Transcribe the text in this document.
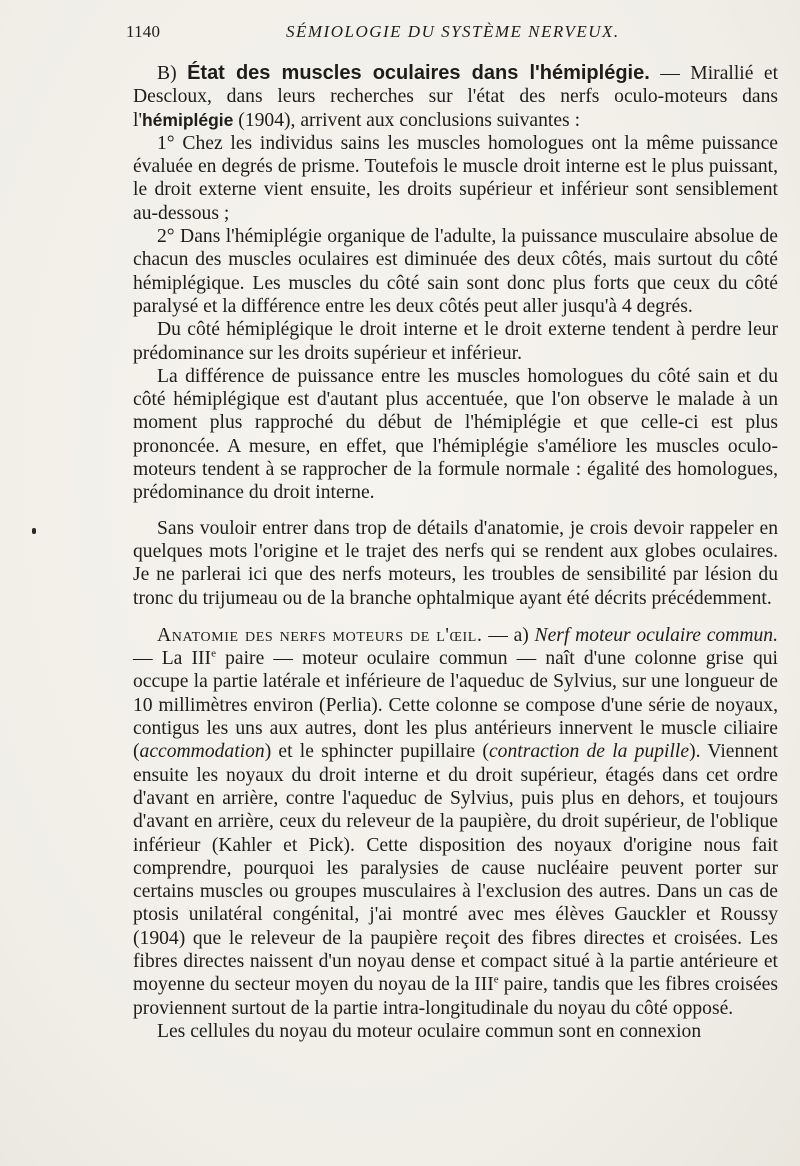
1140	SÉMIOLOGIE DU SYSTÈME NERVEUX.

B) État des muscles oculaires dans l'hémiplégie. — Mirallié et Descloux, dans leurs recherches sur l'état des nerfs oculo-moteurs dans l'hémiplégie (1904), arrivent aux conclusions suivantes :

1° Chez les individus sains les muscles homologues ont la même puissance évaluée en degrés de prisme. Toutefois le muscle droit interne est le plus puissant, le droit externe vient ensuite, les droits supérieur et inférieur sont sensiblement au-dessous ;

2° Dans l'hémiplégie organique de l'adulte, la puissance musculaire absolue de chacun des muscles oculaires est diminuée des deux côtés, mais surtout du côté hémiplégique. Les muscles du côté sain sont donc plus forts que ceux du côté paralysé et la différence entre les deux côtés peut aller jusqu'à 4 degrés.

Du côté hémiplégique le droit interne et le droit externe tendent à perdre leur prédominance sur les droits supérieur et inférieur.

La différence de puissance entre les muscles homologues du côté sain et du côté hémiplégique est d'autant plus accentuée, que l'on observe le malade à un moment plus rapproché du début de l'hémiplégie et que celle-ci est plus prononcée. A mesure, en effet, que l'hémiplégie s'améliore les muscles oculo-moteurs tendent à se rapprocher de la formule normale : égalité des homologues, prédominance du droit interne.

Sans vouloir entrer dans trop de détails d'anatomie, je crois devoir rappeler en quelques mots l'origine et le trajet des nerfs qui se rendent aux globes oculaires. Je ne parlerai ici que des nerfs moteurs, les troubles de sensibilité par lésion du tronc du trijumeau ou de la branche ophtalmique ayant été décrits précédemment.

Anatomie des nerfs moteurs de l'œil. — a) Nerf moteur oculaire commun. — La IIIe paire — moteur oculaire commun — naît d'une colonne grise qui occupe la partie latérale et inférieure de l'aqueduc de Sylvius, sur une longueur de 10 millimètres environ (Perlia). Cette colonne se compose d'une série de noyaux, contigus les uns aux autres, dont les plus antérieurs innervent le muscle ciliaire (accommodation) et le sphincter pupillaire (contraction de la pupille). Viennent ensuite les noyaux du droit interne et du droit supérieur, étagés dans cet ordre d'avant en arrière, contre l'aqueduc de Sylvius, puis plus en dehors, et toujours d'avant en arrière, ceux du releveur de la paupière, du droit supérieur, de l'oblique inférieur (Kahler et Pick). Cette disposition des noyaux d'origine nous fait comprendre, pourquoi les paralysies de cause nucléaire peuvent porter sur certains muscles ou groupes musculaires à l'exclusion des autres. Dans un cas de ptosis unilatéral congénital, j'ai montré avec mes élèves Gauckler et Roussy (1904) que le releveur de la paupière reçoit des fibres directes et croisées. Les fibres directes naissent d'un noyau dense et compact situé à la partie antérieure et moyenne du secteur moyen du noyau de la IIIe paire, tandis que les fibres croisées proviennent surtout de la partie intra-longitudinale du noyau du côté opposé.

Les cellules du noyau du moteur oculaire commun sont en connexion
